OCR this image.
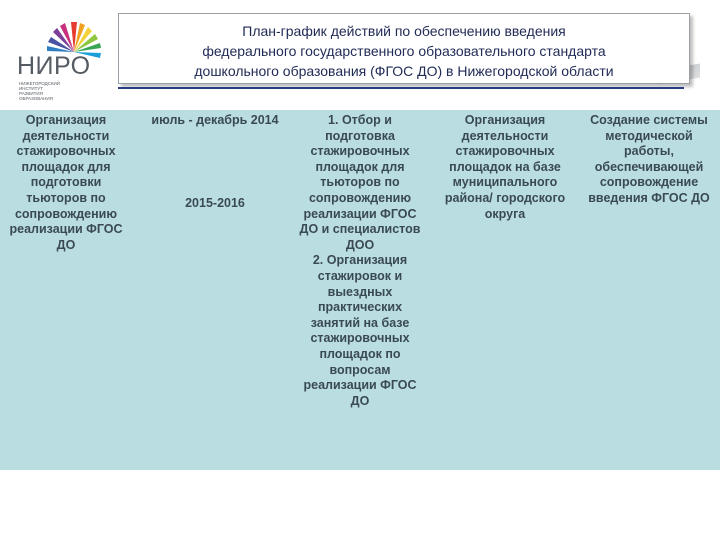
НИРО
НИЖЕГОРОДСКИЙ
ИНСТИТУТ
РАЗВИТИЯ
ОБРАЗОВАНИЯ
План-график действий по обеспечению введения
федерального государственного образовательного стандарта
дошкольного образования (ФГОС ДО) в Нижегородской области
Организация деятельности стажировочных площадок для подготовки тьюторов по сопровождению реализации ФГОС ДО
июль - декабрь 2014
2015-2016
1. Отбор и подготовка стажировочных площадок для тьюторов по сопровождению реализации ФГОС ДО и специалистов ДОО
2. Организация стажировок и выездных практических занятий на базе стажировочных площадок по вопросам реализации ФГОС ДО
Организация деятельности стажировочных площадок на базе муниципального района/ городского округа
Создание системы методической работы, обеспечивающей сопровождение введения ФГОС ДО
